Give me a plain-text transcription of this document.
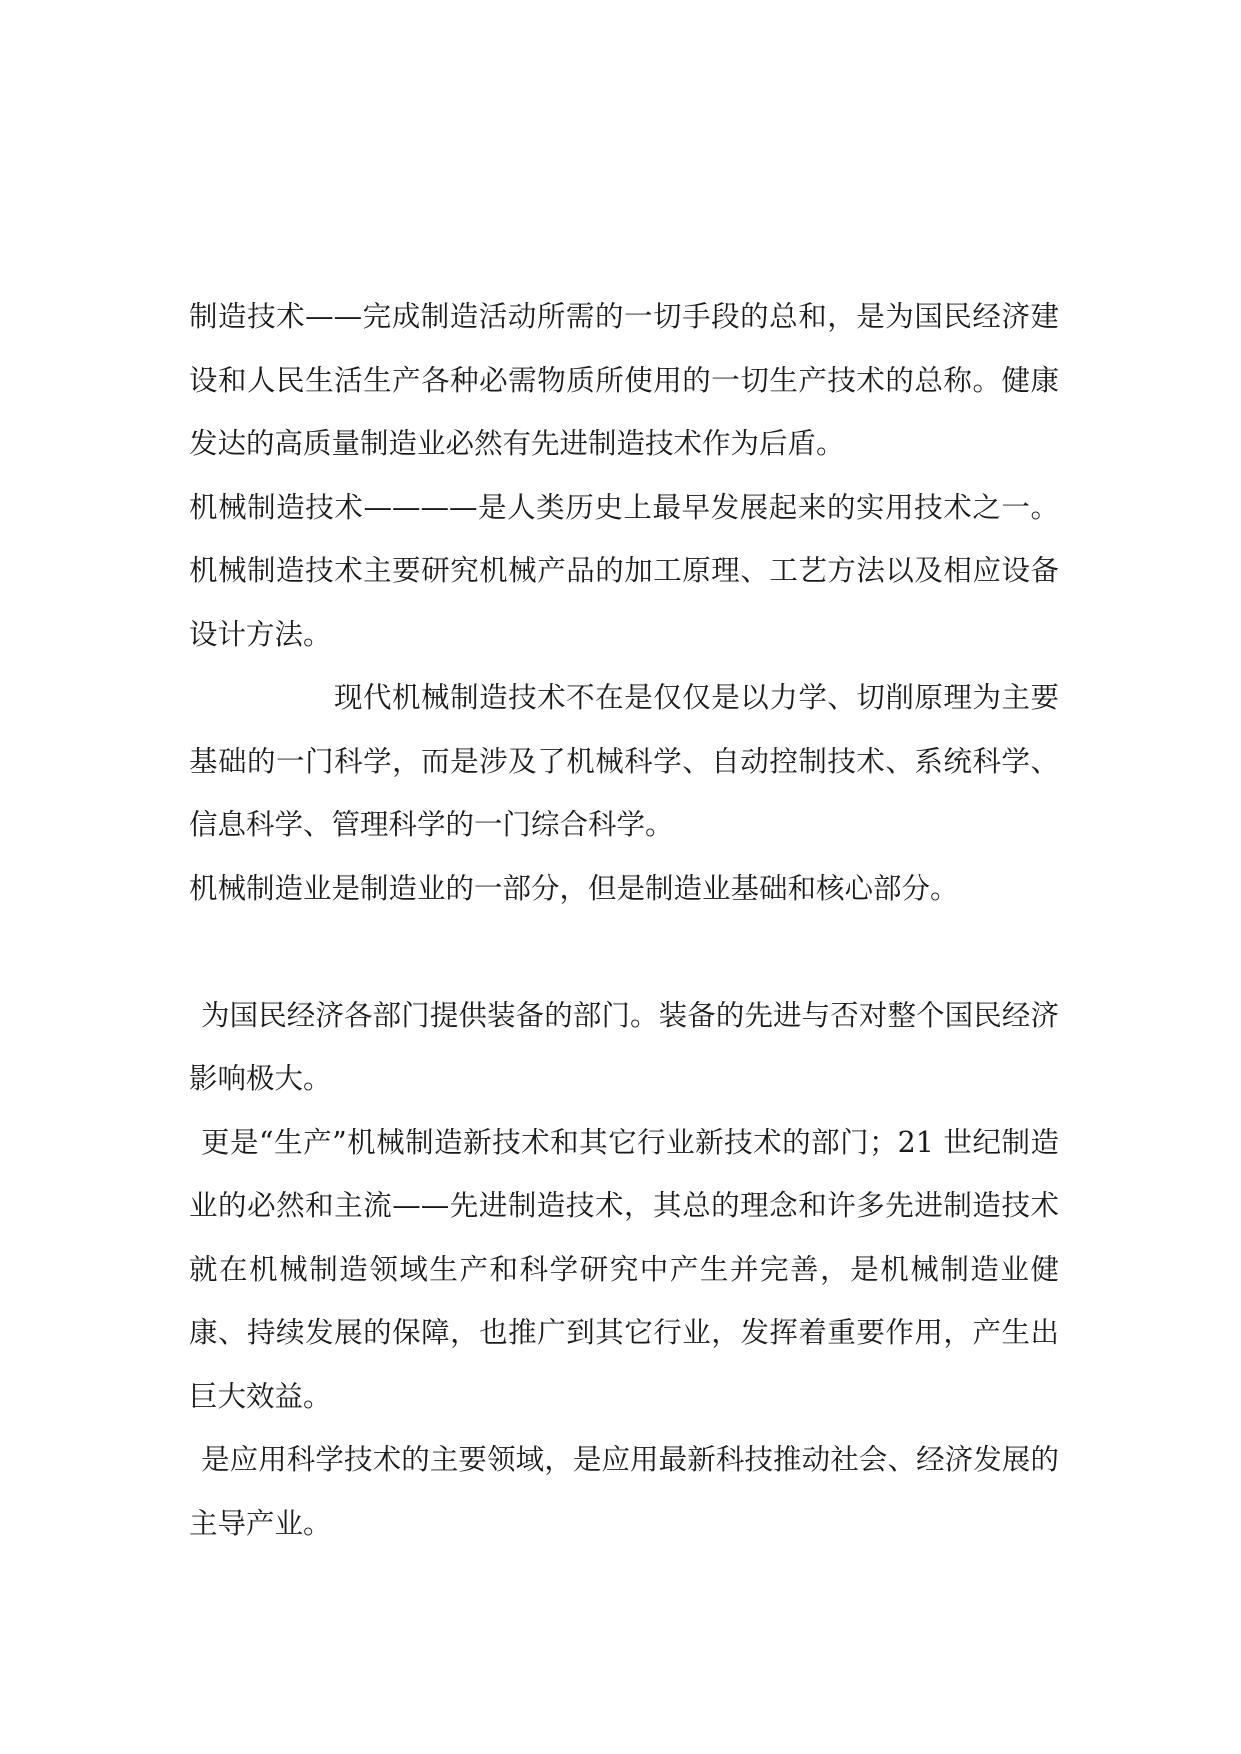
制造技术——完成制造活动所需的一切手段的总和，是为国民经济建设和人民生活生产各种必需物质所使用的一切生产技术的总称。健康发达的高质量制造业必然有先进制造技术作为后盾。

机械制造技术————是人类历史上最早发展起来的实用技术之一。机械制造技术主要研究机械产品的加工原理、工艺方法以及相应设备设计方法。

现代机械制造技术不在是仅仅是以力学、切削原理为主要基础的一门科学，而是涉及了机械科学、自动控制技术、系统科学、信息科学、管理科学的一门综合科学。

机械制造业是制造业的一部分，但是制造业基础和核心部分。

为国民经济各部门提供装备的部门。装备的先进与否对整个国民经济影响极大。

更是“生产”机械制造新技术和其它行业新技术的部门；21 世纪制造业的必然和主流——先进制造技术，其总的理念和许多先进制造技术就在机械制造领域生产和科学研究中产生并完善，是机械制造业健康、持续发展的保障，也推广到其它行业，发挥着重要作用，产生出巨大效益。

是应用科学技术的主要领域，是应用最新科技推动社会、经济发展的主导产业。
